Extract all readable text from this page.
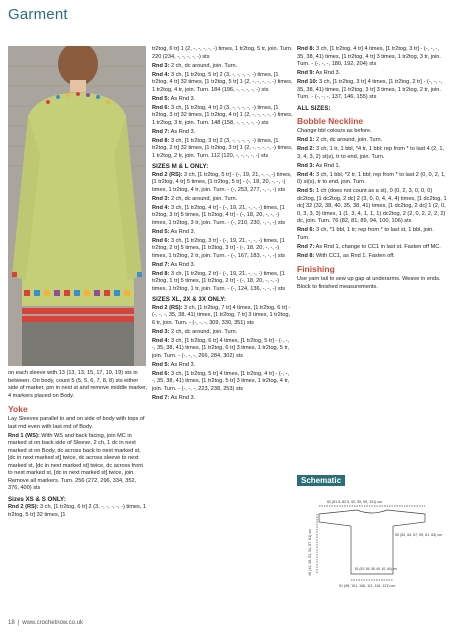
Garment

on each sleeve with 13 (13, 13, 15, 17, 19, 19) sts in between. On body, count 5 (5, 5, 6, 7, 8, 8) sts either side of marker, pm in next st and remove middle marker, 4 markers placed on Body.

Yoke

Lay Sleeves parallel to and on side of body with tops of last rnd even with last rnd of Body.

Rnd 1 (WS): With WS and back facing, join MC in marked st on back side of Sleeve, 2 ch, 1 dc in next marked st on Body, dc across back to next marked st, [dc in next marked st] twice, dc across sleeve to next marked st, [dc in next marked st] twice, dc across front to next marked st, [dc in next marked st] twice, join. Remove all markers. Turn. 256 (272, 296, 334, 352, 376, 400) sts

Sizes XS & S ONLY:

Rnd 2 (RS): 3 ch, [1 tr2tog, 6 tr] 2 (3, -, -, -, -, -) times, 1 tr2tog, 5 tr] 32 times, [1

tr2tog, 6 tr] 1 (2, -, -, -, -, -) times, 1 tr2tog, 5 tr, join. Turn. 220 (234, -, -, -, -, -) sts

Rnd 3: 2 ch, dc around, join. Turn.

Rnd 4: 3 ch, [1 tr2tog, 5 tr] 2 (3, -, -, -, -, -) times, [1 tr2tog, 4 tr] 32 times, [1 tr2tog, 5 tr] 1 (2, -, -, -, -, -) times, 1 tr2tog, 4 tr, join. Turn. 184 (196, -, -, -, -, -) sts

Rnd 5: As Rnd 3.

Rnd 6: 3 ch, [1 tr2tog, 4 tr] 2 (3, -, -, -, -, -) times, [1 tr2tog, 3 tr] 32 times, [1 tr2tog, 4 tr] 1 (2, -, -, -, -, -) times, 1 tr2tog, 3 tr, join. Turn. 148 (158, -, -, -, -, -) sts

Rnd 7: As Rnd 3.

Rnd 8: 3 ch, [1 tr2tog, 3 tr] 2 (3, -, -, -, -, -) times, [1 tr2tog, 2 tr] 32 times, [1 tr2tog, 3 tr] 1 (2, -, -, -, -, -) times, 1 tr2tog, 2 tr, join. Turn. 112 (120, -, -, -, -, -) sts

SIZES M & L ONLY:

Rnd 2 (RS): 3 ch, [1 tr2tog, 5 tr] - (-, 19, 21, -, -, -) times, [1 tr2tog, 4 tr] 5 times, [1 tr2tog, 5 tr] - (-, 18, 20, -, -, -) times, 1 tr2tog, 4 tr, join. Turn. - (-, 253, 277, -, -, -) sts

Rnd 3: 2 ch, dc around, join. Turn.

Rnd 4: 3 ch, [1 tr2tog, 4 tr] - (-, 19, 21, -, -, -) times, [1 tr2tog, 3 tr] 5 times, [1 tr2tog, 4 tr] - (-, 18, 20, -, -, -) times, 1 tr2tog, 3 tr, join. Turn. - (-, 210, 230, -, -, -) sts

Rnd 5: As Rnd 3.

Rnd 6: 3 ch, [1 tr2tog, 3 tr] - (-, 19, 21, -, -, -) times, [1 tr2tog, 2 tr] 5 times, [1 tr2tog, 3 tr] - (-, 18, 20, -, -, -) times, 1 tr2tog, 2 tr, join. Turn. - (-, 167, 183, -, -, -) sts

Rnd 7: As Rnd 3.

Rnd 8: 3 ch, [1 tr2tog, 2 tr] - (-, 19, 21, -, -, -) times, [1 tr2tog, 1 tr] 5 times, [1 tr2tog, 2 tr] - (-, 18, 20, -, -, -) times, 1 tr2tog, 1 tr, join. Turn. - (-, 124, 136, -, -, -) sts

SIZES XL, 2X & 3X ONLY:

Rnd 2 (RS): 3 ch, [1 tr2tog, 7 tr] 4 times, [1 tr2tog, 6 tr] - (-, -, -, 35, 38, 41) times, [1 tr2tog, 7 tr] 3 times, 1 tr2tog, 6 tr, join. Turn. - (-, -, -, 309, 330, 351) sts

Rnd 3: 2 ch, dc around, join. Turn.

Rnd 4: 3 ch, [1 tr2tog, 6 tr] 4 times, [1 tr2tog, 5 tr] - (-, -, -, 35, 38, 41) times, [1 tr2tog, 6 tr] 3 times, 1 tr2tog, 5 tr, join. Turn. - (-, -, -, 266, 284, 302) sts

Rnd 5: As Rnd 3.

Rnd 6: 3 ch, [1 tr2tog, 5 tr] 4 times, [1 tr2tog, 4 tr] - (-, -, -, 35, 38, 41) times, [1 tr2tog, 5 tr] 3 times, 1 tr2tog, 4 tr, join. Turn. - (-, -, -, 223, 238, 253) sts

Rnd 7: As Rnd 3.

Rnd 8: 3 ch, [1 tr2tog, 4 tr] 4 times, [1 tr2tog, 3 tr] - (-, -, -, 35, 38, 41) times, [1 tr2tog, 4 tr] 3 times, 1 tr2tog, 3 tr, join. Turn. - (-, -, -, 180, 192, 204) sts

Rnd 9: As Rnd 3.

Rnd 10: 3 ch, [1 tr2tog, 3 tr] 4 times, [1 tr2tog, 2 tr] - (-, -, -, 35, 38, 41) times, [1 tr2tog, 3 tr] 3 times, 1 tr2tog, 2 tr, join. Turn. - (-, -, -, 137, 146, 155) sts

ALL SIZES:
Bobble Neckline

Change bbl colours as before.

Rnd 1: 2 ch, dc around, join. Turn.

Rnd 2: 3 ch, 1 tr, 1 bbl, *4 tr, 1 bbl; rep from * to last 4 (2, 1, 3, 4, 3, 2) st(s), tr to end, join. Turn.

Rnd 3: As Rnd 1.

Rnd 4: 3 ch, 1 bbl, *2 tr, 1 bbl; rep from * to last 2 (0, 0, 2, 1, 0) st(s), tr to end, join. Turn.

Rnd 5: 1 ch (does not count as a st), 0 (0, 2, 3, 0, 0, 0) dc2tog, [1 dc2tog, 2 dc] 2 (3, 0, 0, 4, 4, 4) times, [1 dc2tog, 1 dc] 32 (32, 38, 40, 35, 38, 41) times, [1 dc2tog, 2 dc] 1 (2, 0, 0, 3, 3, 3) times, 1 (1, 3, 4, 1, 1, 1) dc2tog, 2 (2, 0, 2, 2, 2, 2) dc, join. Turn. 76 (82, 81, 89, 94, 100, 106) sts

Rnd 6: 3 ch, *1 bbl, 1 tr; rep from * to last st, 1 bbl, join. Turn.

Rnd 7: As Rnd 1, change to CC1 in last st. Fasten off MC.

Rnd 8: With CC1, as Rnd 1. Fasten off.

Finishing

Use yarn tail to sew up gap at underarms. Weave in ends. Block to finished measurements.

Schematic
81 (81.5, 82.5, 92, 95, 99, 101) cm
40 (44, 48, 51, 54, 57, 61) cm	50 (52, 54, 57, 59, 61, 63) cm
51 (53, 55, 58, 60, 62, 64) cm
91 (96, 101, 106, 111, 116, 121) cm
18 | www.crochetnow.co.uk
